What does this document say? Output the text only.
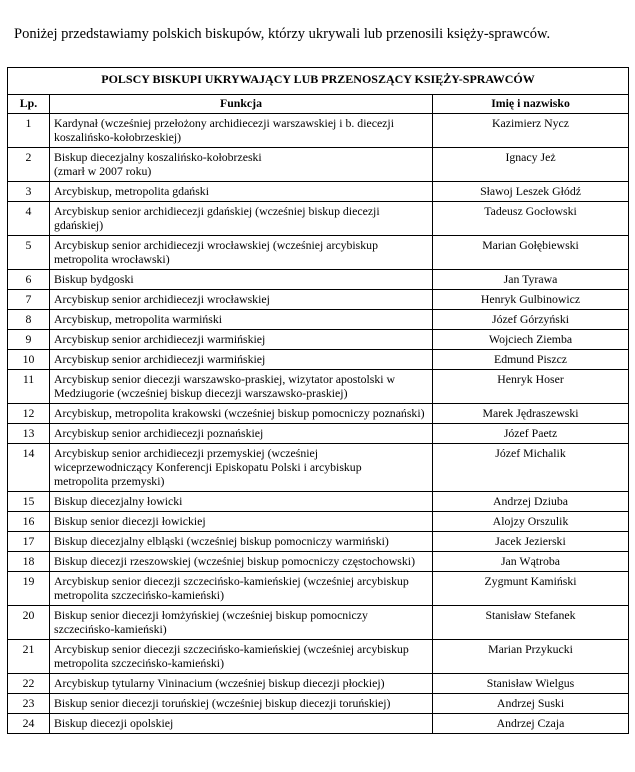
Poniżej przedstawiamy polskich biskupów, którzy ukrywali lub przenosili księży-sprawców.

POLSCY BISKUPI UKRYWAJĄCY LUB PRZENOSZĄCY KSIĘŻY-SPRAWCÓW		
Lp.	Funkcja	Imię i nazwisko
1	Kardynał (wcześniej przełożony archidiecezji warszawskiej i b. diecezji koszalińsko-kołobrzeskiej)	Kazimierz Nycz
2	Biskup diecezjalny koszalińsko-kołobrzeski
(zmarł w 2007 roku)	Ignacy Jeż
3	Arcybiskup, metropolita gdański	Sławoj Leszek Głódź
4	Arcybiskup senior archidiecezji gdańskiej (wcześniej biskup diecezji gdańskiej)	Tadeusz Gocłowski
5	Arcybiskup senior archidiecezji wrocławskiej (wcześniej arcybiskup metropolita wrocławski)	Marian Gołębiewski
6	Biskup bydgoski	Jan Tyrawa
7	Arcybiskup senior archidiecezji wrocławskiej	Henryk Gulbinowicz
8	Arcybiskup, metropolita warmiński	Józef Górzyński
9	Arcybiskup senior archidiecezji warmińskiej	Wojciech Ziemba
10	Arcybiskup senior archidiecezji warmińskiej	Edmund Piszcz
11	Arcybiskup senior diecezji warszawsko-praskiej, wizytator apostolski w Medziugorie (wcześniej biskup diecezji warszawsko-praskiej)	Henryk Hoser
12	Arcybiskup, metropolita krakowski (wcześniej biskup pomocniczy poznański)	Marek Jędraszewski
13	Arcybiskup senior archidiecezji poznańskiej	Józef Paetz
14	Arcybiskup senior archidiecezji przemyskiej (wcześniej
wiceprzewodniczący Konferencji Episkopatu Polski i arcybiskup
metropolita przemyski)	Józef Michalik
15	Biskup diecezjalny łowicki	Andrzej Dziuba
16	Biskup senior diecezji łowickiej	Alojzy Orszulik
17	Biskup diecezjalny elbląski (wcześniej biskup pomocniczy warmiński)	Jacek Jezierski
18	Biskup diecezji rzeszowskiej (wcześniej biskup pomocniczy częstochowski)	Jan Wątroba
19	Arcybiskup senior diecezji szczecińsko-kamieńskiej (wcześniej arcybiskup metropolita szczecińsko-kamieński)	Zygmunt Kamiński
20	Biskup senior diecezji łomżyńskiej (wcześniej biskup pomocniczy szczecińsko-kamieński)	Stanisław Stefanek
21	Arcybiskup senior diecezji szczecińsko-kamieńskiej (wcześniej arcybiskup metropolita szczecińsko-kamieński)	Marian Przykucki
22	Arcybiskup tytularny Vininacium (wcześniej biskup diecezji płockiej)	Stanisław Wielgus
23	Biskup senior diecezji toruńskiej (wcześniej biskup diecezji toruńskiej)	Andrzej Suski
24	Biskup diecezji opolskiej	Andrzej Czaja
